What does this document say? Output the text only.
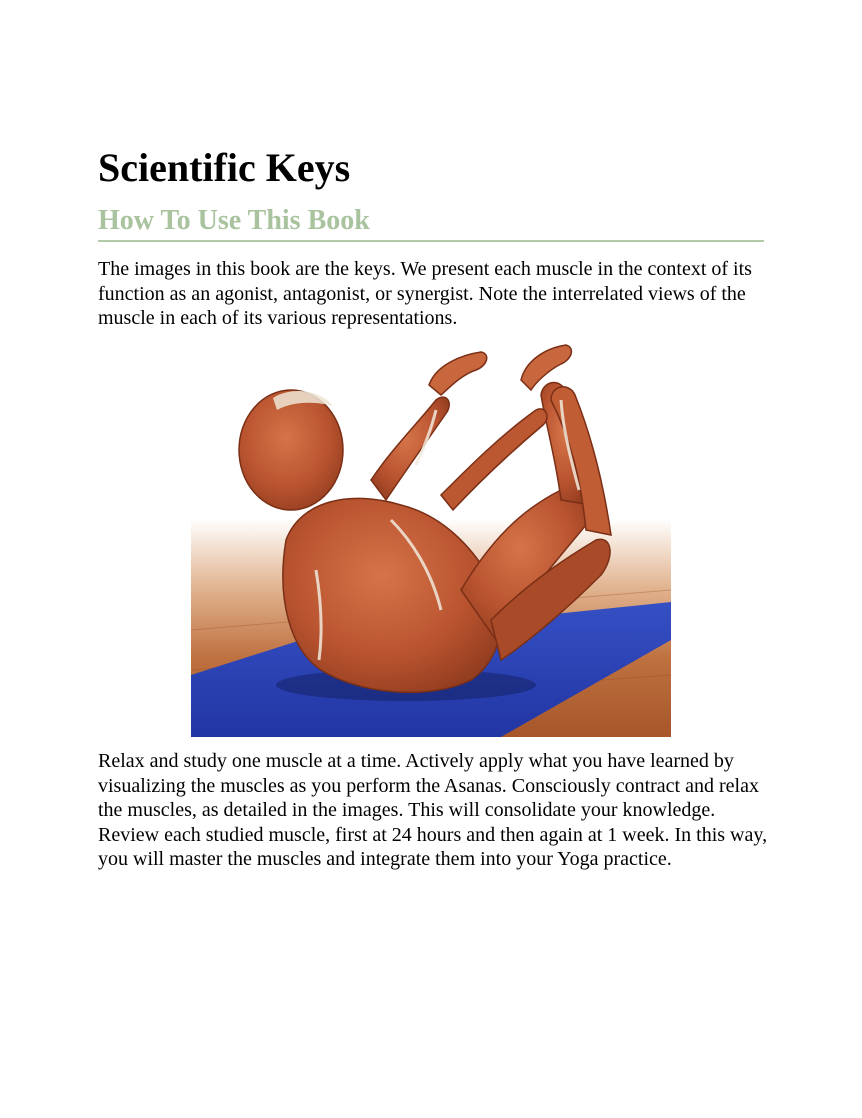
Scientific Keys
How To Use This Book

The images in this book are the keys. We present each muscle in the context of its function as an agonist, antagonist, or synergist. Note the interrelated views of the muscle in each of its various representations.

Relax and study one muscle at a time. Actively apply what you have learned by visualizing the muscles as you perform the Asanas. Consciously contract and relax the muscles, as detailed in the images. This will consolidate your knowledge. Review each studied muscle, first at 24 hours and then again at 1 week. In this way, you will master the muscles and integrate them into your Yoga practice.
